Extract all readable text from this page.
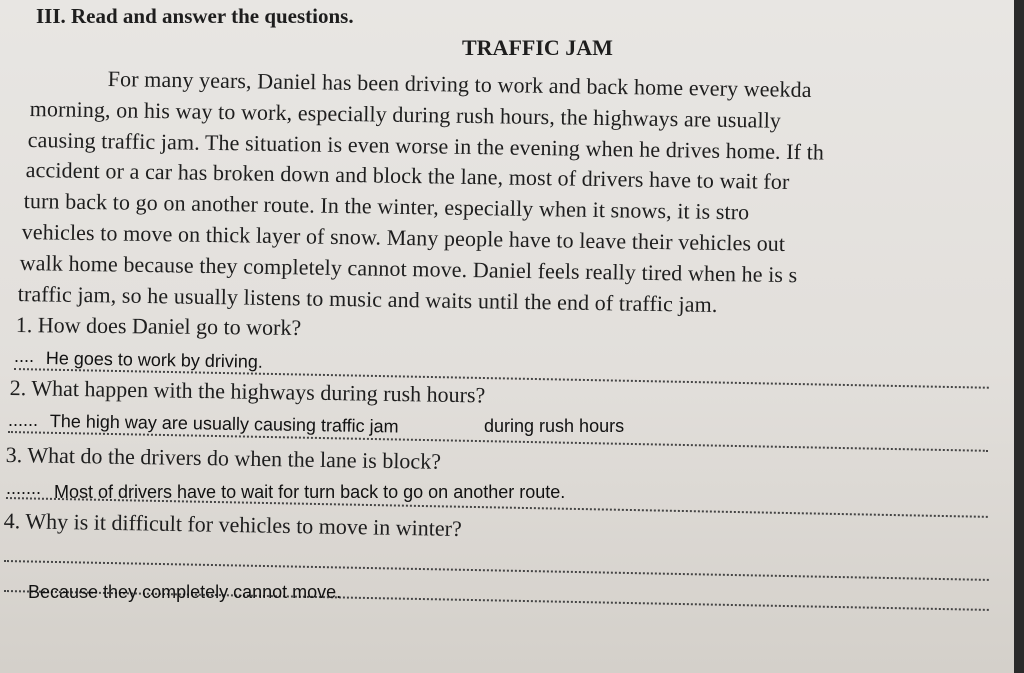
III. Read and answer the questions.
TRAFFIC JAM
For many years, Daniel has been driving to work and back home every weekda
morning, on his way to work, especially during rush hours, the highways are usually
causing traffic jam. The situation is even worse in the evening when he drives home. If th
accident or a car has broken down and block the lane, most of drivers have to wait for
turn back to go on another route. In the winter, especially when it snows, it is stro
vehicles to move on thick layer of snow. Many people have to leave their vehicles out
walk home because they completely cannot move. Daniel feels really tired when he is s
traffic jam, so he usually listens to music and waits until the end of traffic jam.
1. How does Daniel go to work?
.... He goes to work by driving.
2. What happen with the highways during rush hours?
...... The high way are usually causing traffic jam	during rush hours
3. What do the drivers do when the lane is block?
....... Most of drivers have to wait for turn back to go on another route.
4. Why is it difficult for vehicles to move in winter?
Because they completely cannot move.
